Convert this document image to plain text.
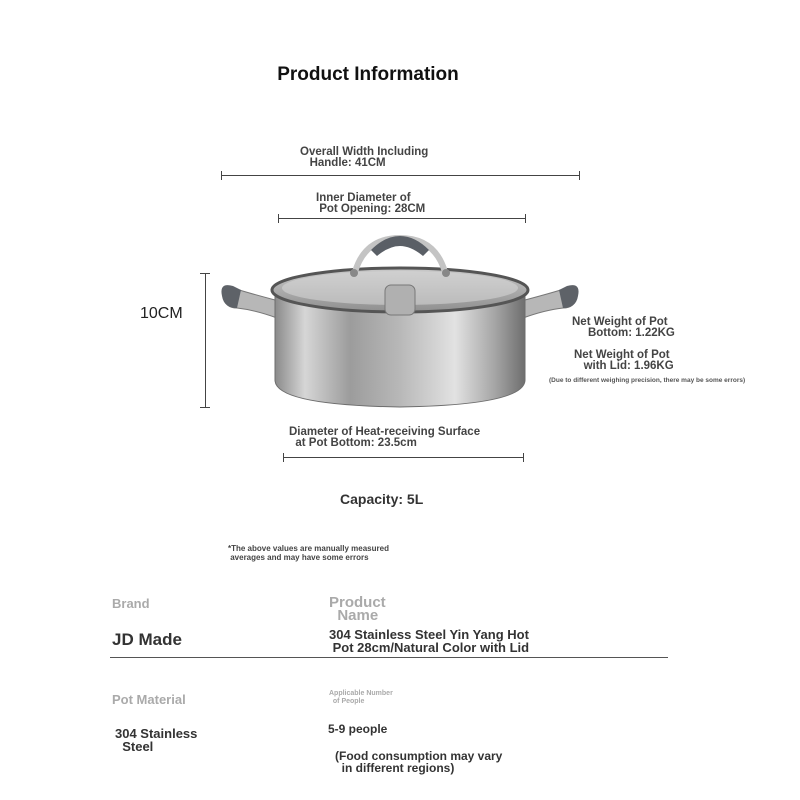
Product Information
Overall Width Including
Handle: 41CM
Inner Diameter of
Pot Opening: 28CM
10CM	Net Weight of Pot
Bottom: 1.22KG
Net Weight of Pot
with Lid: 1.96KG
(Due to different weighing precision, there may be some errors)
Diameter of Heat-receiving Surface
at Pot Bottom: 23.5cm
Capacity: 5L
*The above values are manually measured
averages and may have some errors
Brand
JD Made
Product
Name
304 Stainless Steel Yin Yang Hot
Pot 28cm/Natural Color with Lid
Pot Material
304 Stainless
Steel
Applicable Number
of People
5-9 people
(Food consumption may vary
in different regions)
